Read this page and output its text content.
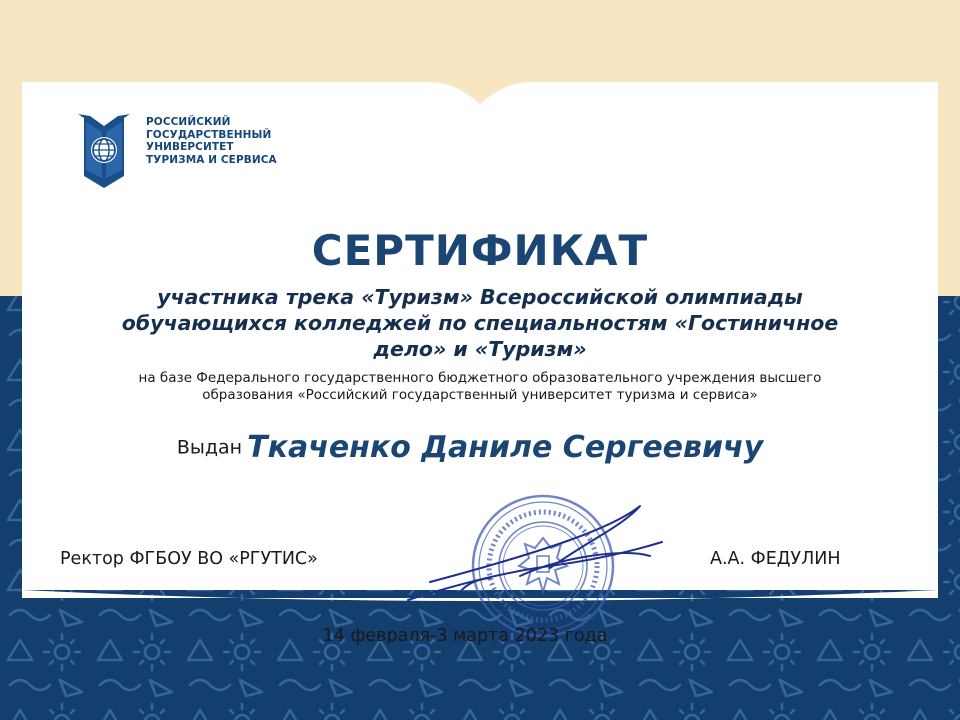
РОССИЙСКИЙ
ГОСУДАРСТВЕННЫЙ
УНИВЕРСИТЕТ
ТУРИЗМА И СЕРВИСА
СЕРТИФИКАТ
участника трека «Туризм» Всероссийской олимпиады
обучающихся колледжей по специальностям «Гостиничное
дело» и «Туризм»
на базе Федерального государственного бюджетного образовательного учреждения высшего
образования «Российский государственный университет туризма и сервиса»
Выдан Ткаченко Даниле Сергеевичу
Ректор ФГБОУ ВО «РГУТИС»	А.А. ФЕДУЛИН
14 февраля-3 марта 2023 года
